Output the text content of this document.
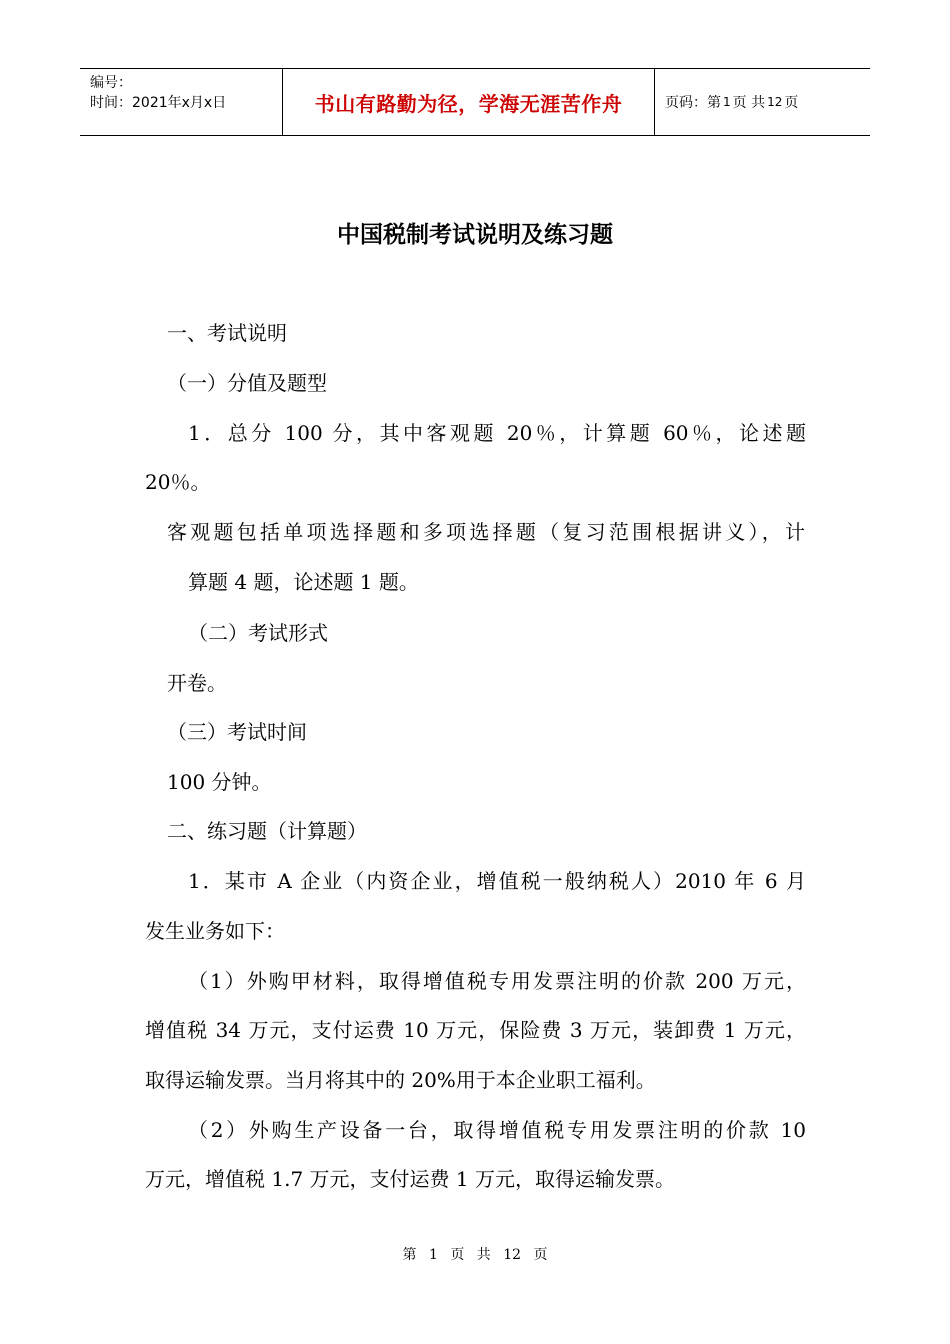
编号：
时间：2021年x月x日	书山有路勤为径，学海无涯苦作舟	页码：第 1 页 共 12 页
中国税制考试说明及练习题
一、考试说明
（一）分值及题型
1．总分 100 分，其中客观题 20％，计算题 60％，论述题
20％。
客观题包括单项选择题和多项选择题（复习范围根据讲义），计
算题 4 题，论述题 1 题。
（二）考试形式
开卷。
（三）考试时间
100 分钟。
二、练习题（计算题）
1．某市 A 企业（内资企业，增值税一般纳税人）2010 年 6 月
发生业务如下：
（1）外购甲材料，取得增值税专用发票注明的价款 200 万元，
增值税 34 万元，支付运费 10 万元，保险费 3 万元，装卸费 1 万元，
取得运输发票。当月将其中的 20%用于本企业职工福利。
（2）外购生产设备一台，取得增值税专用发票注明的价款 10
万元，增值税 1.7 万元，支付运费 1 万元，取得运输发票。
第 1 页 共 12 页
